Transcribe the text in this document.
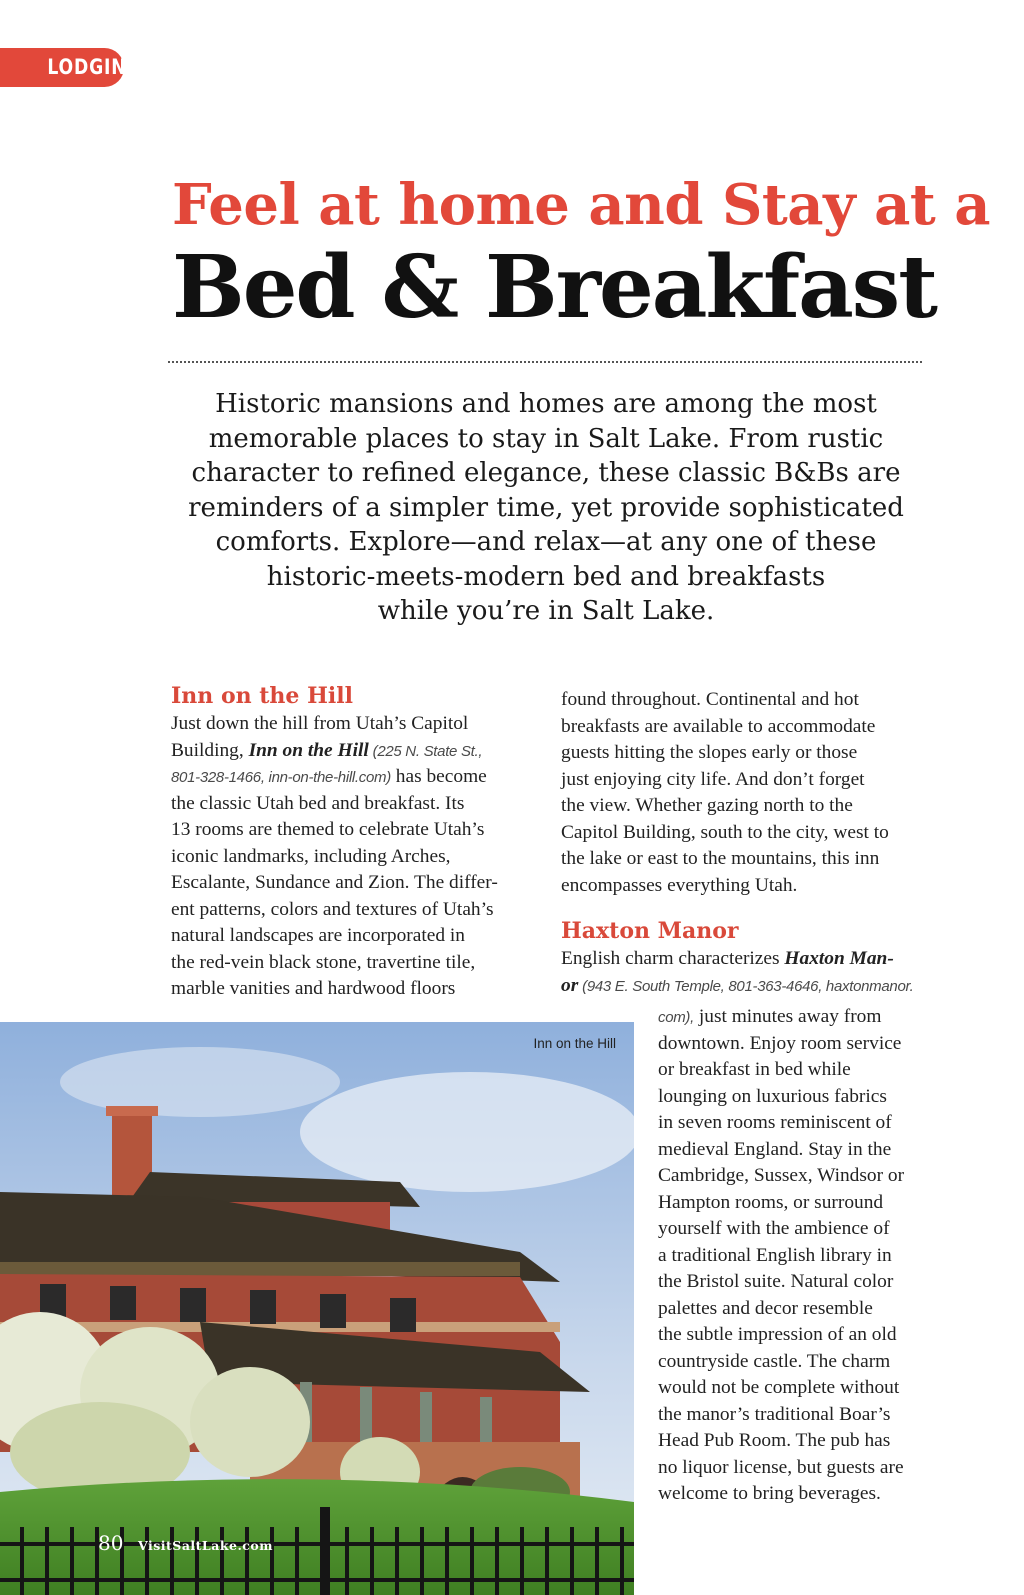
LODGING
Feel at home and Stay at a
Bed & Breakfast
Historic mansions and homes are among the most
memorable places to stay in Salt Lake. From rustic
character to refined elegance, these classic B&Bs are
reminders of a simpler time, yet provide sophisticated
comforts. Explore—and relax—at any one of these
historic-meets-modern bed and breakfasts
while you’re in Salt Lake.
Inn on the Hill
Just down the hill from Utah’s Capitol
Building, Inn on the Hill (225 N. State St.,
801-328-1466, inn-on-the-hill.com) has become
the classic Utah bed and breakfast. Its
13 rooms are themed to celebrate Utah’s
iconic landmarks, including Arches,
Escalante, Sundance and Zion. The differ-
ent patterns, colors and textures of Utah’s
natural landscapes are incorporated in
the red-vein black stone, travertine tile,
marble vanities and hardwood floors
found throughout. Continental and hot
breakfasts are available to accommodate
guests hitting the slopes early or those
just enjoying city life. And don’t forget
the view. Whether gazing north to the
Capitol Building, south to the city, west to
the lake or east to the mountains, this inn
encompasses everything Utah.
Haxton Manor
English charm characterizes Haxton Man-
or (943 E. South Temple, 801-363-4646, haxtonmanor.
com), just minutes away from
downtown. Enjoy room service
or breakfast in bed while
lounging on luxurious fabrics
in seven rooms reminiscent of
medieval England. Stay in the
Cambridge, Sussex, Windsor or
Hampton rooms, or surround
yourself with the ambience of
a traditional English library in
the Bristol suite. Natural color
palettes and decor resemble
the subtle impression of an old
countryside castle. The charm
would not be complete without
the manor’s traditional Boar’s
Head Pub Room. The pub has
no liquor license, but guests are
welcome to bring beverages.
Inn on the Hill
80 VisitSaltLake.com
